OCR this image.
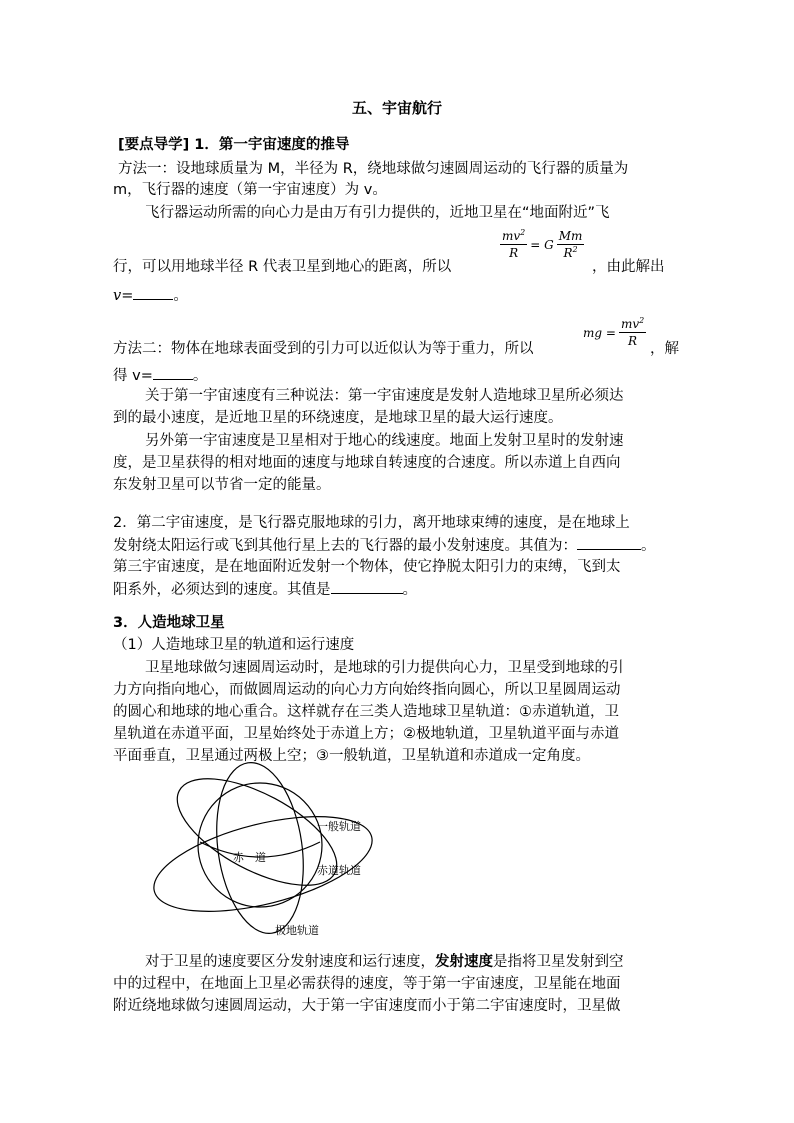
五、宇宙航行
[要点导学] 1．第一宇宙速度的推导
方法一：设地球质量为 M，半径为 R，绕地球做匀速圆周运动的飞行器的质量为
m，飞行器的速度（第一宇宙速度）为 v。
飞行器运动所需的向心力是由万有引力提供的，近地卫星在“地面附近”飞
$\frac{mv^2}{R} = G \frac{Mm}{R^2}$
行，可以用地球半径 R 代表卫星到地心的距离，所以	，由此解出
v=	。
mg = $\frac{mv^2}{R}$
方法二：物体在地球表面受到的引力可以近似认为等于重力，所以	，解
得 v=	。
关于第一宇宙速度有三种说法：第一宇宙速度是发射人造地球卫星所必须达
到的最小速度，是近地卫星的环绕速度，是地球卫星的最大运行速度。
另外第一宇宙速度是卫星相对于地心的线速度。地面上发射卫星时的发射速
度，是卫星获得的相对地面的速度与地球自转速度的合速度。所以赤道上自西向
东发射卫星可以节省一定的能量。
2．第二宇宙速度，是飞行器克服地球的引力，离开地球束缚的速度，是在地球上
发射绕太阳运行或飞到其他行星上去的飞行器的最小发射速度。其值为：	。
第三宇宙速度，是在地面附近发射一个物体，使它挣脱太阳引力的束缚，飞到太
阳系外，必须达到的速度。其值是	。
3．人造地球卫星
（1）人造地球卫星的轨道和运行速度
卫星地球做匀速圆周运动时，是地球的引力提供向心力，卫星受到地球的引
力方向指向地心，而做圆周运动的向心力方向始终指向圆心，所以卫星圆周运动
的圆心和地球的地心重合。这样就存在三类人造地球卫星轨道：①赤道轨道，卫
星轨道在赤道平面，卫星始终处于赤道上方；②极地轨道，卫星轨道平面与赤道
平面垂直，卫星通过两极上空；③一般轨道，卫星轨道和赤道成一定角度。
一般轨道
赤　道
赤道轨道
极地轨道
对于卫星的速度要区分发射速度和运行速度，发射速度是指将卫星发射到空
中的过程中，在地面上卫星必需获得的速度，等于第一宇宙速度，卫星能在地面
附近绕地球做匀速圆周运动，大于第一宇宙速度而小于第二宇宙速度时，卫星做
